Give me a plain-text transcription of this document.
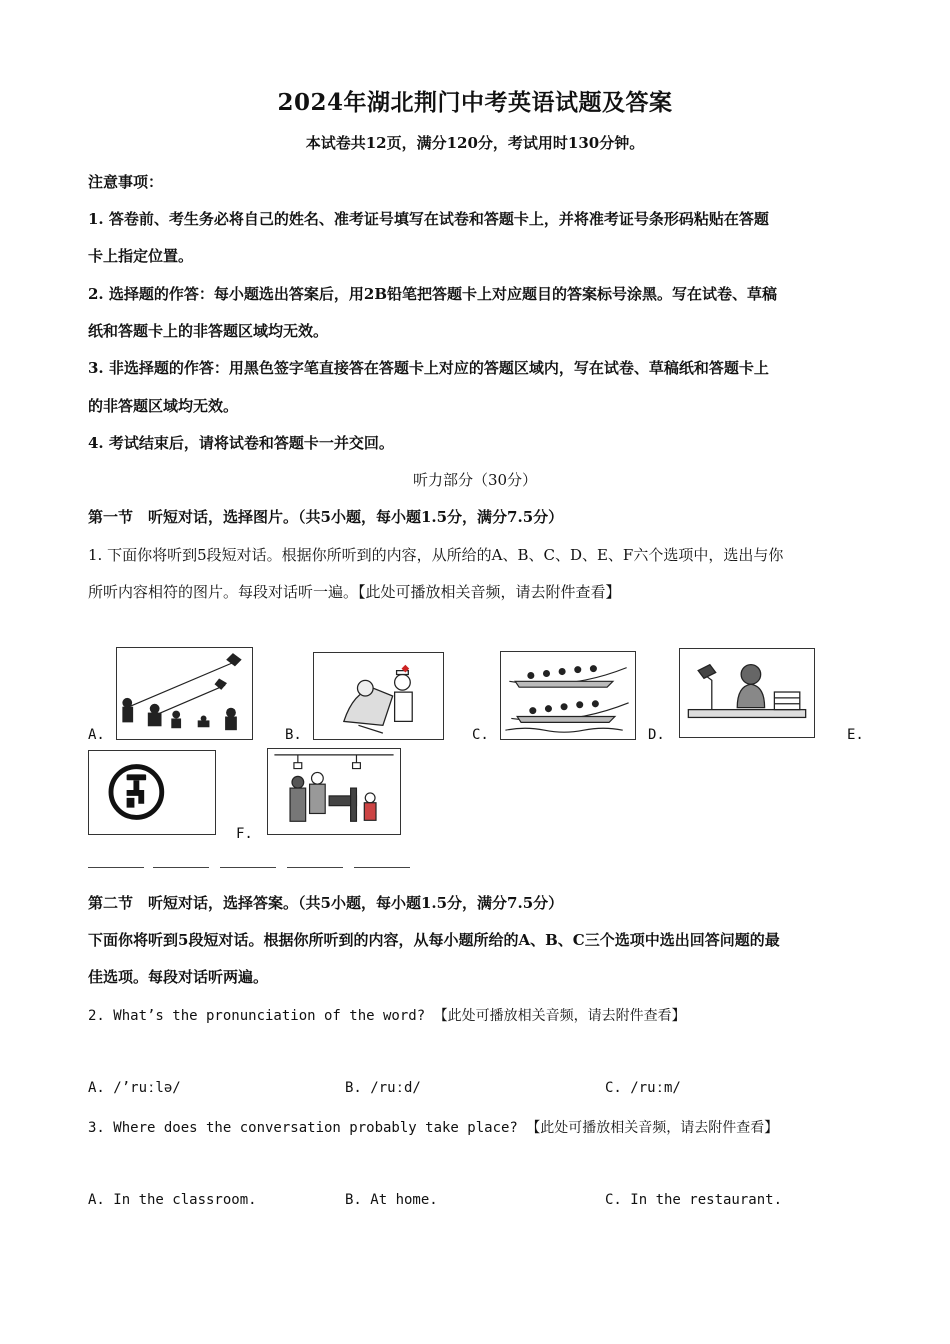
2024年湖北荆门中考英语试题及答案
本试卷共12页，满分120分，考试用时130分钟。
注意事项：
1. 答卷前、考生务必将自己的姓名、准考证号填写在试卷和答题卡上，并将准考证号条形码粘贴在答题
卡上指定位置。
2. 选择题的作答：每小题选出答案后，用2B铅笔把答题卡上对应题目的答案标号涂黑。写在试卷、草稿
纸和答题卡上的非答题区域均无效。
3. 非选择题的作答：用黑色签字笔直接答在答题卡上对应的答题区域内，写在试卷、草稿纸和答题卡上
的非答题区域均无效。
4. 考试结束后，请将试卷和答题卡一并交回。
听力部分（30分）
第一节　听短对话，选择图片。（共5小题，每小题1.5分，满分7.5分）
1. 下面你将听到5段短对话。根据你所听到的内容，从所给的A、B、C、D、E、F六个选项中，选出与你
所听内容相符的图片。每段对话听一遍。【此处可播放相关音频，请去附件查看】
A.	B.	C.	D.	E.
F.
第二节　听短对话，选择答案。（共5小题，每小题1.5分，满分7.5分）
下面你将听到5段短对话。根据你所听到的内容，从每小题所给的A、B、C三个选项中选出回答问题的最
佳选项。每段对话听两遍。
2. What’s the pronunciation of the word? 【此处可播放相关音频，请去附件查看】
A. /’ruːlə/	B. /ruːd/	C. /ruːm/
3. Where does the conversation probably take place? 【此处可播放相关音频，请去附件查看】
A. In the classroom.	B. At home.	C. In the restaurant.
